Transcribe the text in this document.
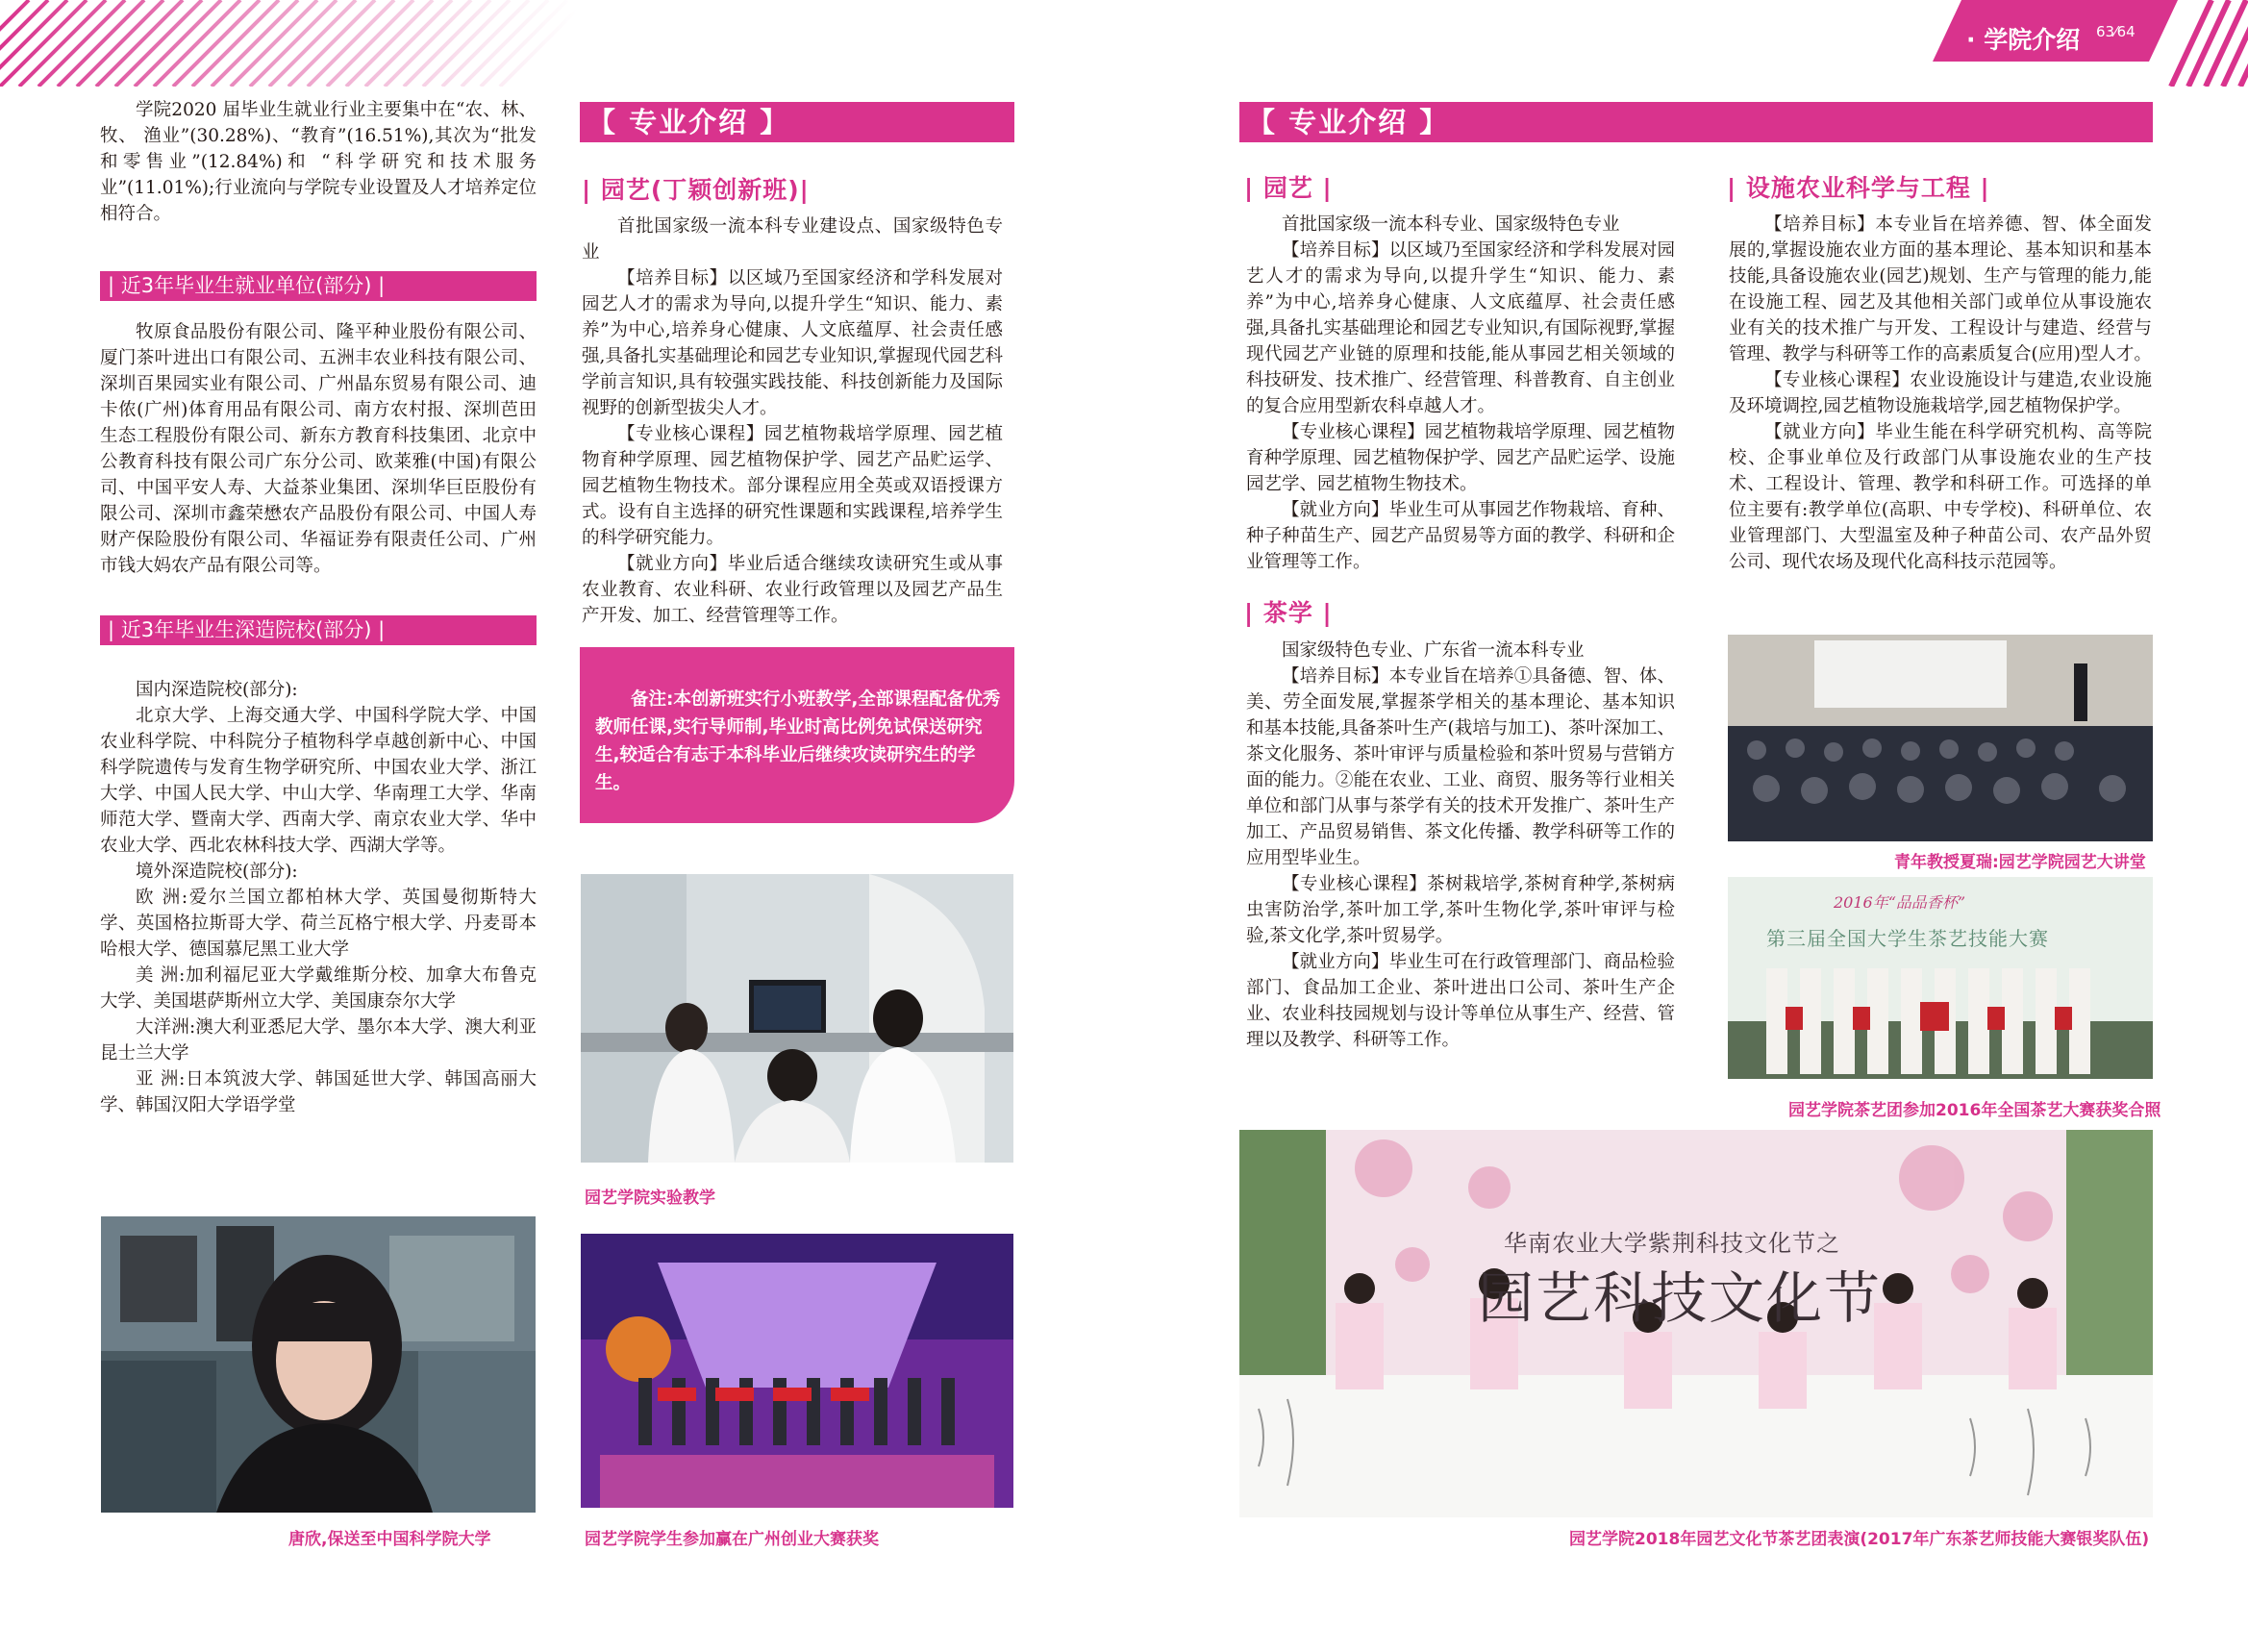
· 学院介绍 ·
63⁄64

学院2020 届毕业生就业行业主要集中在“农、林、牧、 渔业”(30.28%)、“教育”(16.51%),其次为“批发和零售业”(12.84%)和 “科学研究和技术服务业”(11.01%);行业流向与学院专业设置及人才培养定位相符合。

| 近3年毕业生就业单位(部分) |

牧原食品股份有限公司、隆平种业股份有限公司、厦门茶叶进出口有限公司、五洲丰农业科技有限公司、深圳百果园实业有限公司、广州晶东贸易有限公司、迪卡侬(广州)体育用品有限公司、南方农村报、深圳芭田生态工程股份有限公司、新东方教育科技集团、北京中公教育科技有限公司广东分公司、欧莱雅(中国)有限公司、中国平安人寿、大益茶业集团、深圳华巨臣股份有限公司、深圳市鑫荣懋农产品股份有限公司、中国人寿财产保险股份有限公司、华福证券有限责任公司、广州市钱大妈农产品有限公司等。

| 近3年毕业生深造院校(部分) |

国内深造院校(部分):

北京大学、上海交通大学、中国科学院大学、中国农业科学院、中科院分子植物科学卓越创新中心、中国科学院遗传与发育生物学研究所、中国农业大学、浙江大学、中国人民大学、中山大学、华南理工大学、华南师范大学、暨南大学、西南大学、南京农业大学、华中农业大学、西北农林科技大学、西湖大学等。

境外深造院校(部分):

欧 洲:爱尔兰国立都柏林大学、英国曼彻斯特大学、英国格拉斯哥大学、荷兰瓦格宁根大学、丹麦哥本哈根大学、德国慕尼黑工业大学

美 洲:加利福尼亚大学戴维斯分校、加拿大布鲁克大学、美国堪萨斯州立大学、美国康奈尔大学

大洋洲:澳大利亚悉尼大学、墨尔本大学、澳大利亚昆士兰大学

亚 洲:日本筑波大学、韩国延世大学、韩国高丽大学、韩国汉阳大学语学堂

唐欣,保送至中国科学院大学
【 专业介绍 】
| 园艺(丁颖创新班)|

首批国家级一流本科专业建设点、国家级特色专业

【培养目标】以区域乃至国家经济和学科发展对园艺人才的需求为导向,以提升学生“知识、能力、素养”为中心,培养身心健康、人文底蕴厚、社会责任感强,具备扎实基础理论和园艺专业知识,掌握现代园艺科学前言知识,具有较强实践技能、科技创新能力及国际视野的创新型拔尖人才。

【专业核心课程】园艺植物栽培学原理、园艺植物育种学原理、园艺植物保护学、园艺产品贮运学、园艺植物生物技术。部分课程应用全英或双语授课方式。设有自主选择的研究性课题和实践课程,培养学生的科学研究能力。

【就业方向】毕业后适合继续攻读研究生或从事农业教育、农业科研、农业行政管理以及园艺产品生产开发、加工、经营管理等工作。

备注:本创新班实行小班教学,全部课程配备优秀教师任课,实行导师制,毕业时高比例免试保送研究生,较适合有志于本科毕业后继续攻读研究生的学生。
园艺学院实验教学
园艺学院学生参加赢在广州创业大赛获奖
【 专业介绍 】
| 园艺 |

首批国家级一流本科专业、国家级特色专业

【培养目标】以区域乃至国家经济和学科发展对园艺人才的需求为导向,以提升学生“知识、能力、素养”为中心,培养身心健康、人文底蕴厚、社会责任感强,具备扎实基础理论和园艺专业知识,有国际视野,掌握现代园艺产业链的原理和技能,能从事园艺相关领域的科技研发、技术推广、经营管理、科普教育、自主创业的复合应用型新农科卓越人才。

【专业核心课程】园艺植物栽培学原理、园艺植物育种学原理、园艺植物保护学、园艺产品贮运学、设施园艺学、园艺植物生物技术。

【就业方向】毕业生可从事园艺作物栽培、育种、种子种苗生产、园艺产品贸易等方面的教学、科研和企业管理等工作。

| 茶学 |

国家级特色专业、广东省一流本科专业

【培养目标】本专业旨在培养①具备德、智、体、美、劳全面发展,掌握茶学相关的基本理论、基本知识和基本技能,具备茶叶生产(栽培与加工)、茶叶深加工、茶文化服务、茶叶审评与质量检验和茶叶贸易与营销方面的能力。②能在农业、工业、商贸、服务等行业相关单位和部门从事与茶学有关的技术开发推广、茶叶生产加工、产品贸易销售、茶文化传播、教学科研等工作的应用型毕业生。

【专业核心课程】茶树栽培学,茶树育种学,茶树病虫害防治学,茶叶加工学,茶叶生物化学,茶叶审评与检验,茶文化学,茶叶贸易学。

【就业方向】毕业生可在行政管理部门、商品检验部门、食品加工企业、茶叶进出口公司、茶叶生产企业、农业科技园规划与设计等单位从事生产、经营、管理以及教学、科研等工作。

| 设施农业科学与工程 |

【培养目标】本专业旨在培养德、智、体全面发展的,掌握设施农业方面的基本理论、基本知识和基本技能,具备设施农业(园艺)规划、生产与管理的能力,能在设施工程、园艺及其他相关部门或单位从事设施农业有关的技术推广与开发、工程设计与建造、经营与管理、教学与科研等工作的高素质复合(应用)型人才。

【专业核心课程】农业设施设计与建造,农业设施及环境调控,园艺植物设施栽培学,园艺植物保护学。

【就业方向】毕业生能在科学研究机构、高等院校、企事业单位及行政部门从事设施农业的生产技术、工程设计、管理、教学和科研工作。可选择的单位主要有:教学单位(高职、中专学校)、科研单位、农业管理部门、大型温室及种子种苗公司、农产品外贸公司、现代农场及现代化高科技示范园等。

青年教授夏瑞:园艺学院园艺大讲堂
2016年“品品香杯”
第三届全国大学生茶艺技能大赛
园艺学院茶艺团参加2016年全国茶艺大赛获奖合照
华南农业大学紫荆科技文化节之
园艺科技文化节
园艺学院2018年园艺文化节茶艺团表演(2017年广东茶艺师技能大赛银奖队伍)
